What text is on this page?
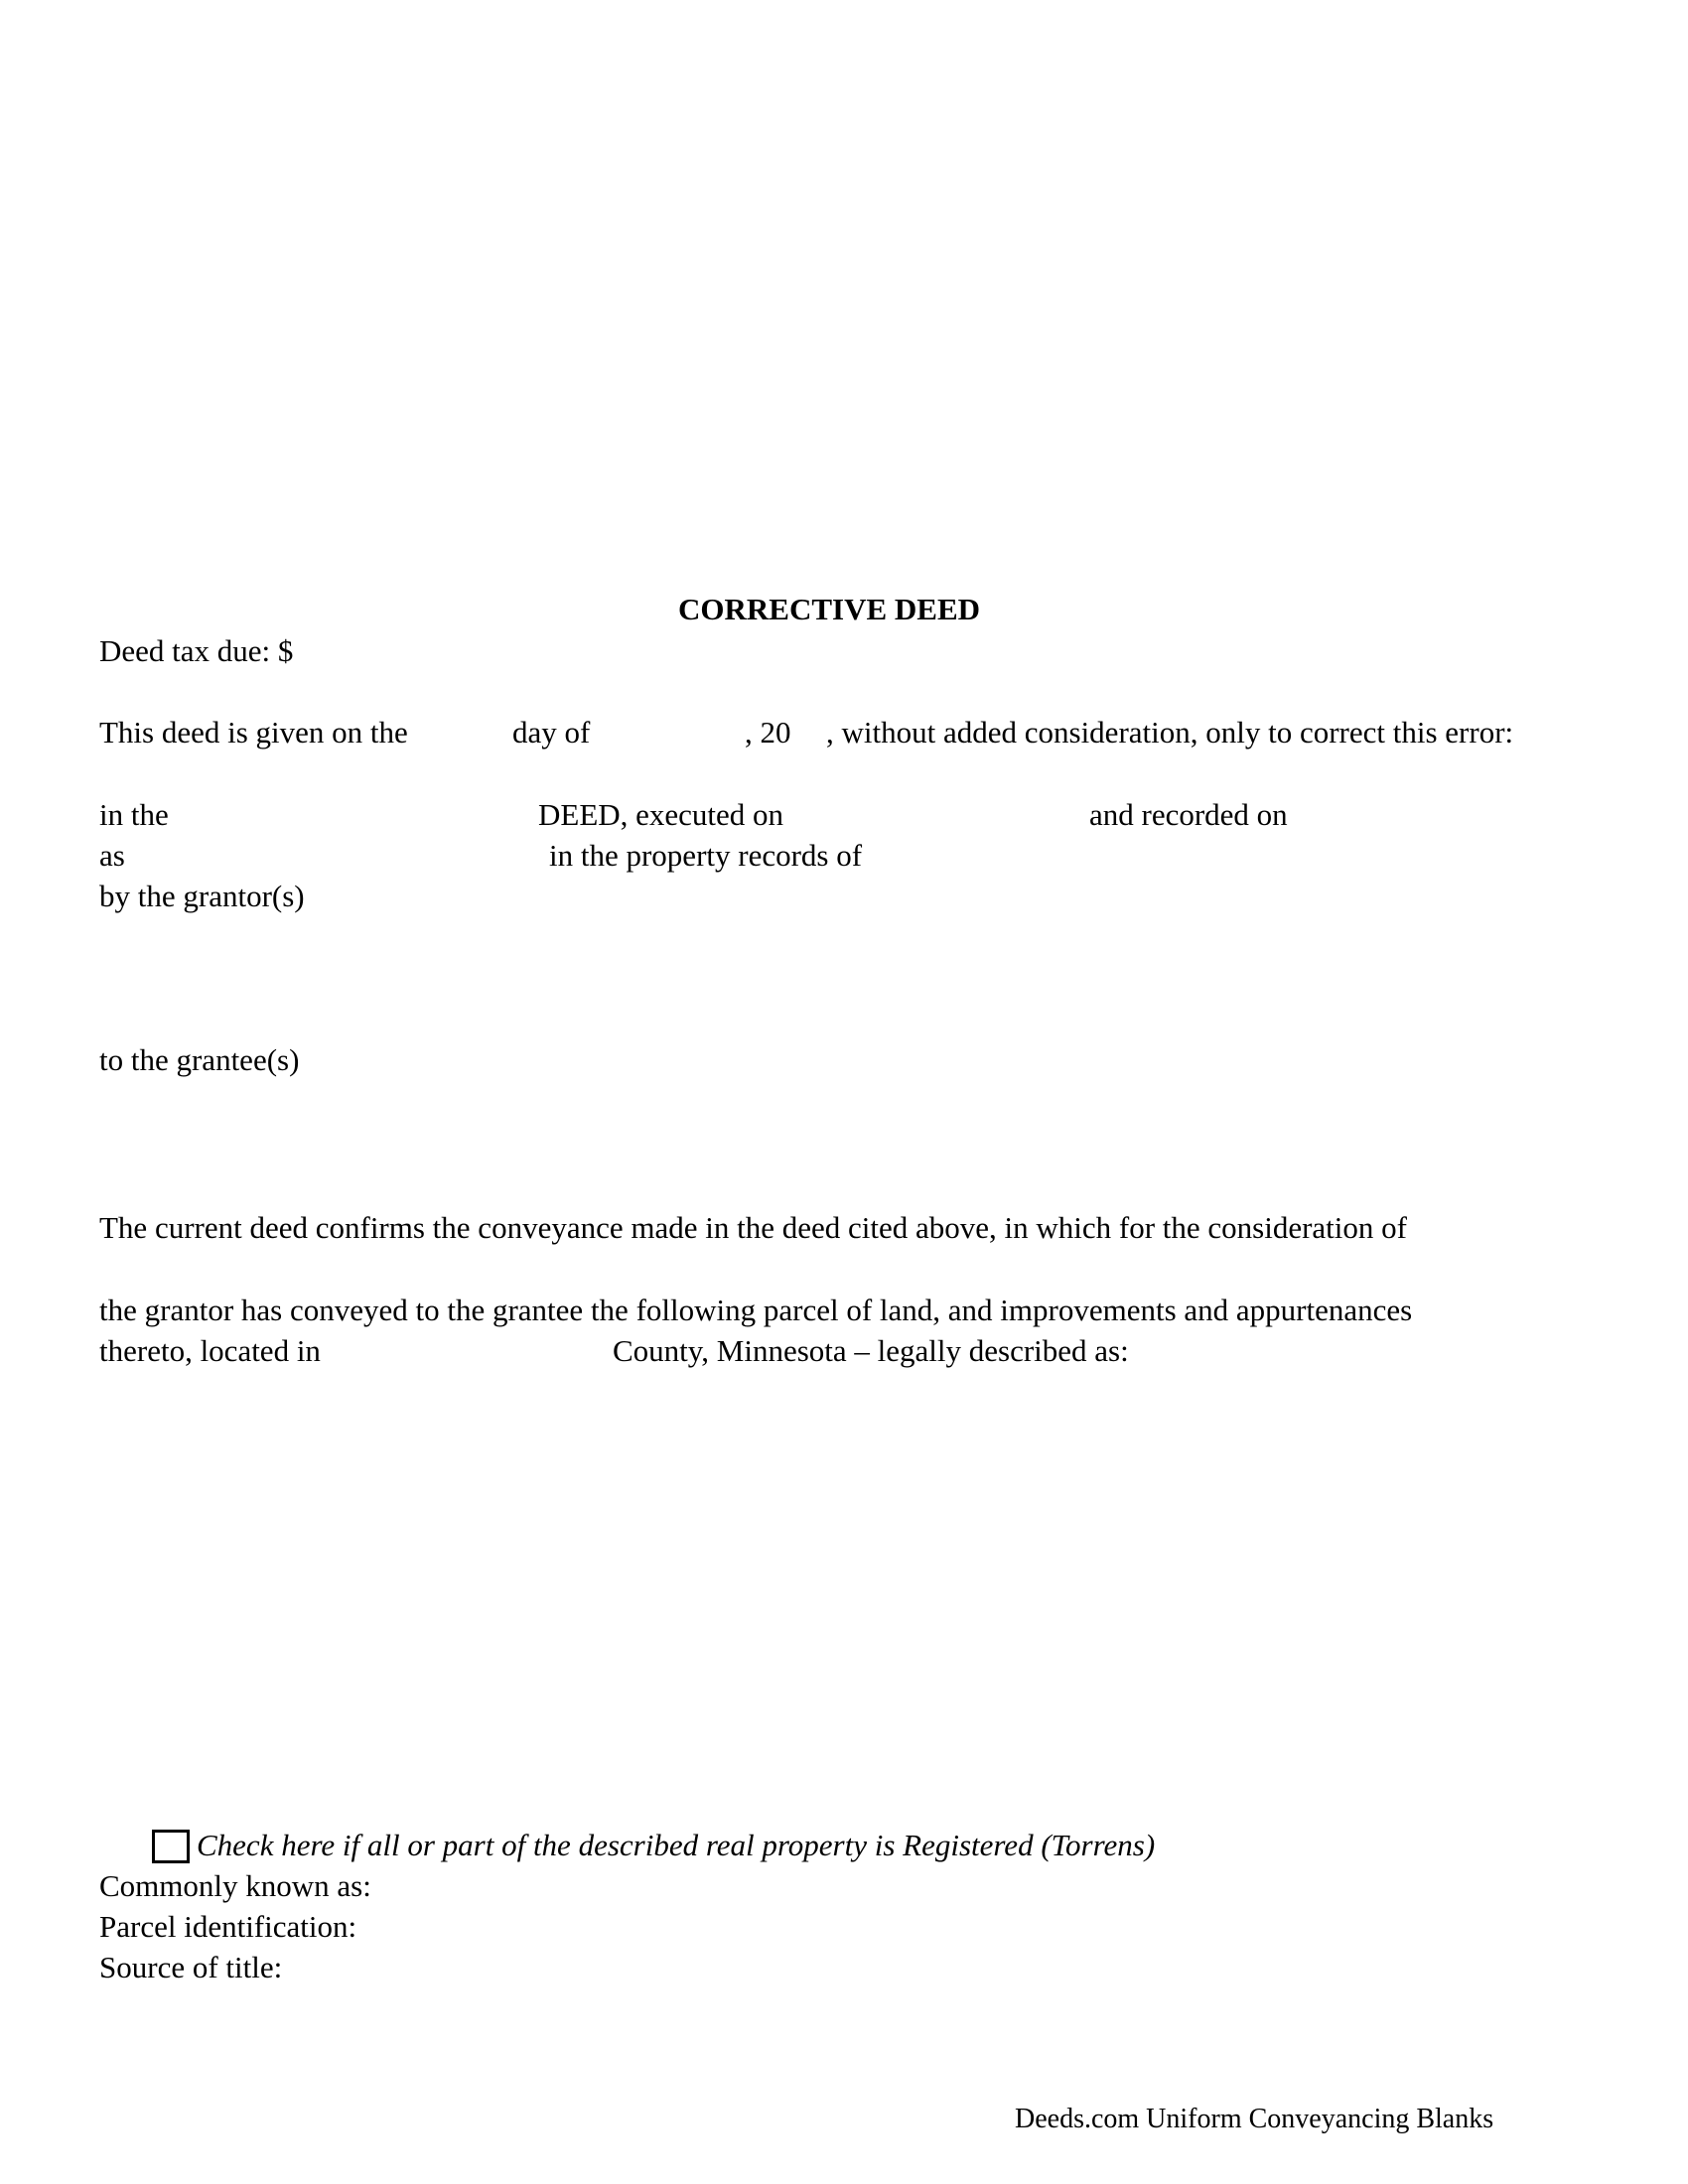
CORRECTIVE DEED
Deed tax due: $
This deed is given on the	day of	, 20 , without added consideration, only to correct this error:
in the	DEED, executed on	and recorded on
as	in the property records of
by the grantor(s)
to the grantee(s)
The current deed confirms the conveyance made in the deed cited above, in which for the consideration of
the grantor has conveyed to the grantee the following parcel of land, and improvements and appurtenances
thereto, located in	County, Minnesota – legally described as:
Check here if all or part of the described real property is Registered (Torrens)
Commonly known as:
Parcel identification:
Source of title:
Deeds.com Uniform Conveyancing Blanks
